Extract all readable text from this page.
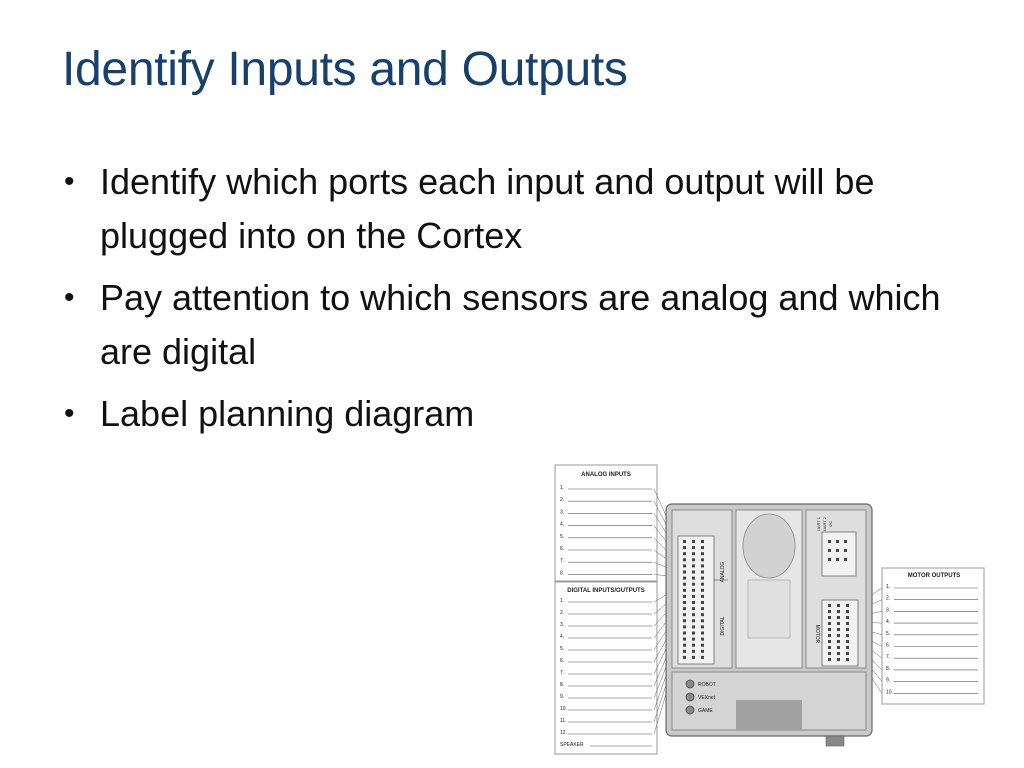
Identify Inputs and Outputs
• Identify which ports each input and output will be plugged into on the Cortex
• Pay attention to which sensors are analog and which are digital
• Label planning diagram
ANALOG INPUTS
1.
2.
3.
4.
5.
6.
7.
8.
DIGITAL INPUTS/OUTPUTS
1.
2.
3.
4.
5.
6.
7.
8.
9.
10.
11.
12.
SPEAKER
MOTOR OUTPUTS
1.
2.
3.
4.
5.
6.
7.
8.
9.
10.
ANALOG
DIGITAL
UART 1 UART 2 I2C
MOTOR
ROBOT
VEXnet
GAME
